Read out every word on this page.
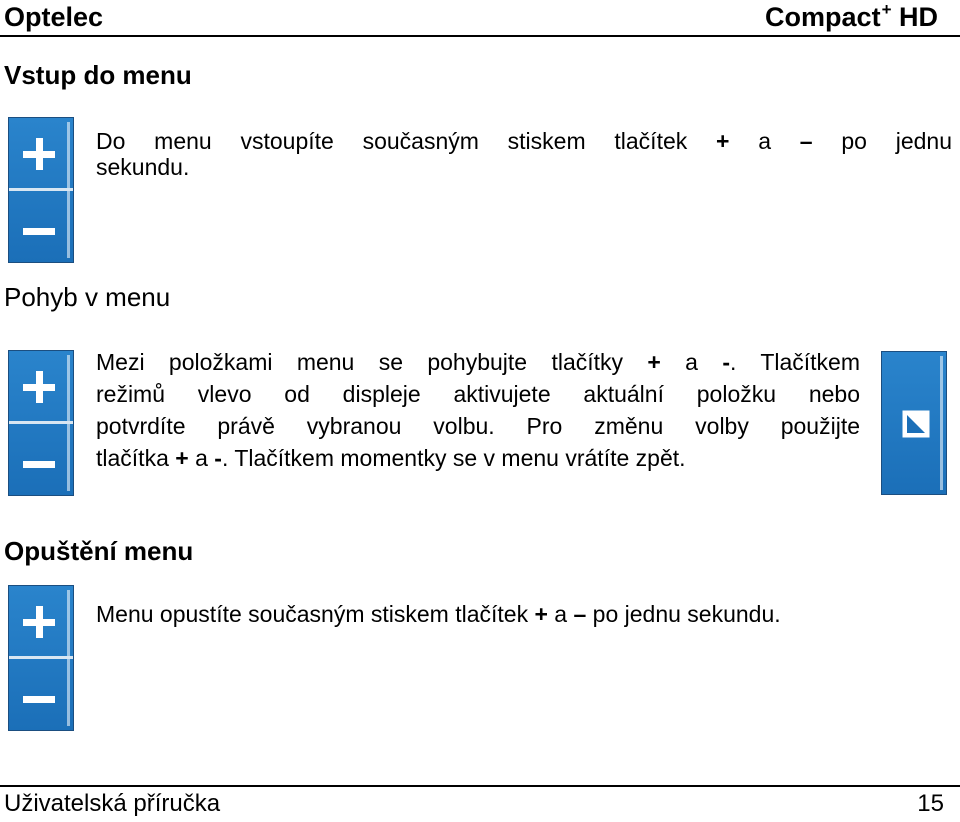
Optelec	Compact+ HD
Vstup do menu
Do menu vstoupíte současným stiskem tlačítek + a – po jednu
sekundu.
Pohyb v menu
Mezi položkami menu se pohybujte tlačítky + a -. Tlačítkem
režimů vlevo od displeje aktivujete aktuální položku nebo
potvrdíte právě vybranou volbu. Pro změnu volby použijte
tlačítka + a -. Tlačítkem momentky se v menu vrátíte zpět.
Opuštění menu
Menu opustíte současným stiskem tlačítek + a – po jednu sekundu.
Uživatelská příručka	15
